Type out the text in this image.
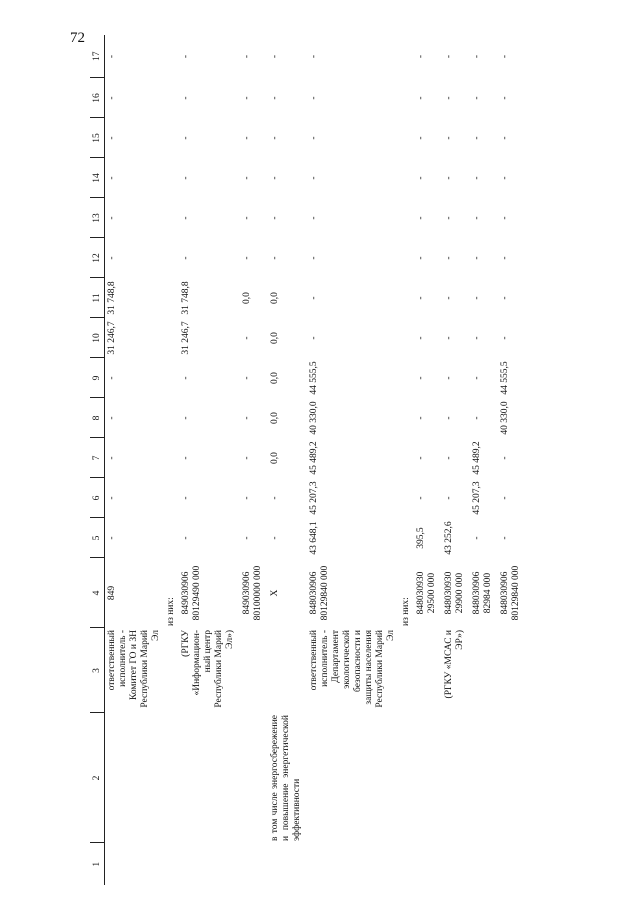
72
1	2	3	4	5	6	7	8	9	10	11	12	13	14	15	16	17
		ответственный исполнитель - Комитет ГО и ЗН Республики Марий Эл	849	-	-	-	-	-	31 246,7	31 748,8	-	-	-	-	-	-
			из них:													
		(РГКУ «Информацион-ный центр Республики Марий Эл»)	849030906 80129490 000	-	-	-	-	-	31 246,7	31 748,8	-	-	-	-	-	-
			849030906 80100000 000	-	-	-	-	-	-	0,0	-	-	-	-	-	-
	в том числе энергосбережение и повышение энергетической эффективности		X	-	-	0,0	0,0	0,0	0,0	0,0	-	-	-	-	-	-
		ответственный исполнитель - Департамент экологической безопасности и защиты населения Республики Марий Эл	848030906 80129840 000	43 648,1	45 207,3	45 489,2	40 330,0	44 555,5	-	-	-	-	-	-	-	-
			из них:													
			848030930 29500 000	395,5	-	-	-	-	-	-	-	-	-	-	-	-
		(РГКУ «МСАС и ЭР»)	848030930 29900 000	43 252,6	-	-	-	-	-	-	-	-	-	-	-	-
			848030906 82984 000	-	45 207,3	45 489,2	-	-	-	-	-	-	-	-	-	-
			848030906 80129840 000	-	-	-	40 330,0	44 555,5	-	-	-	-	-	-	-	-
